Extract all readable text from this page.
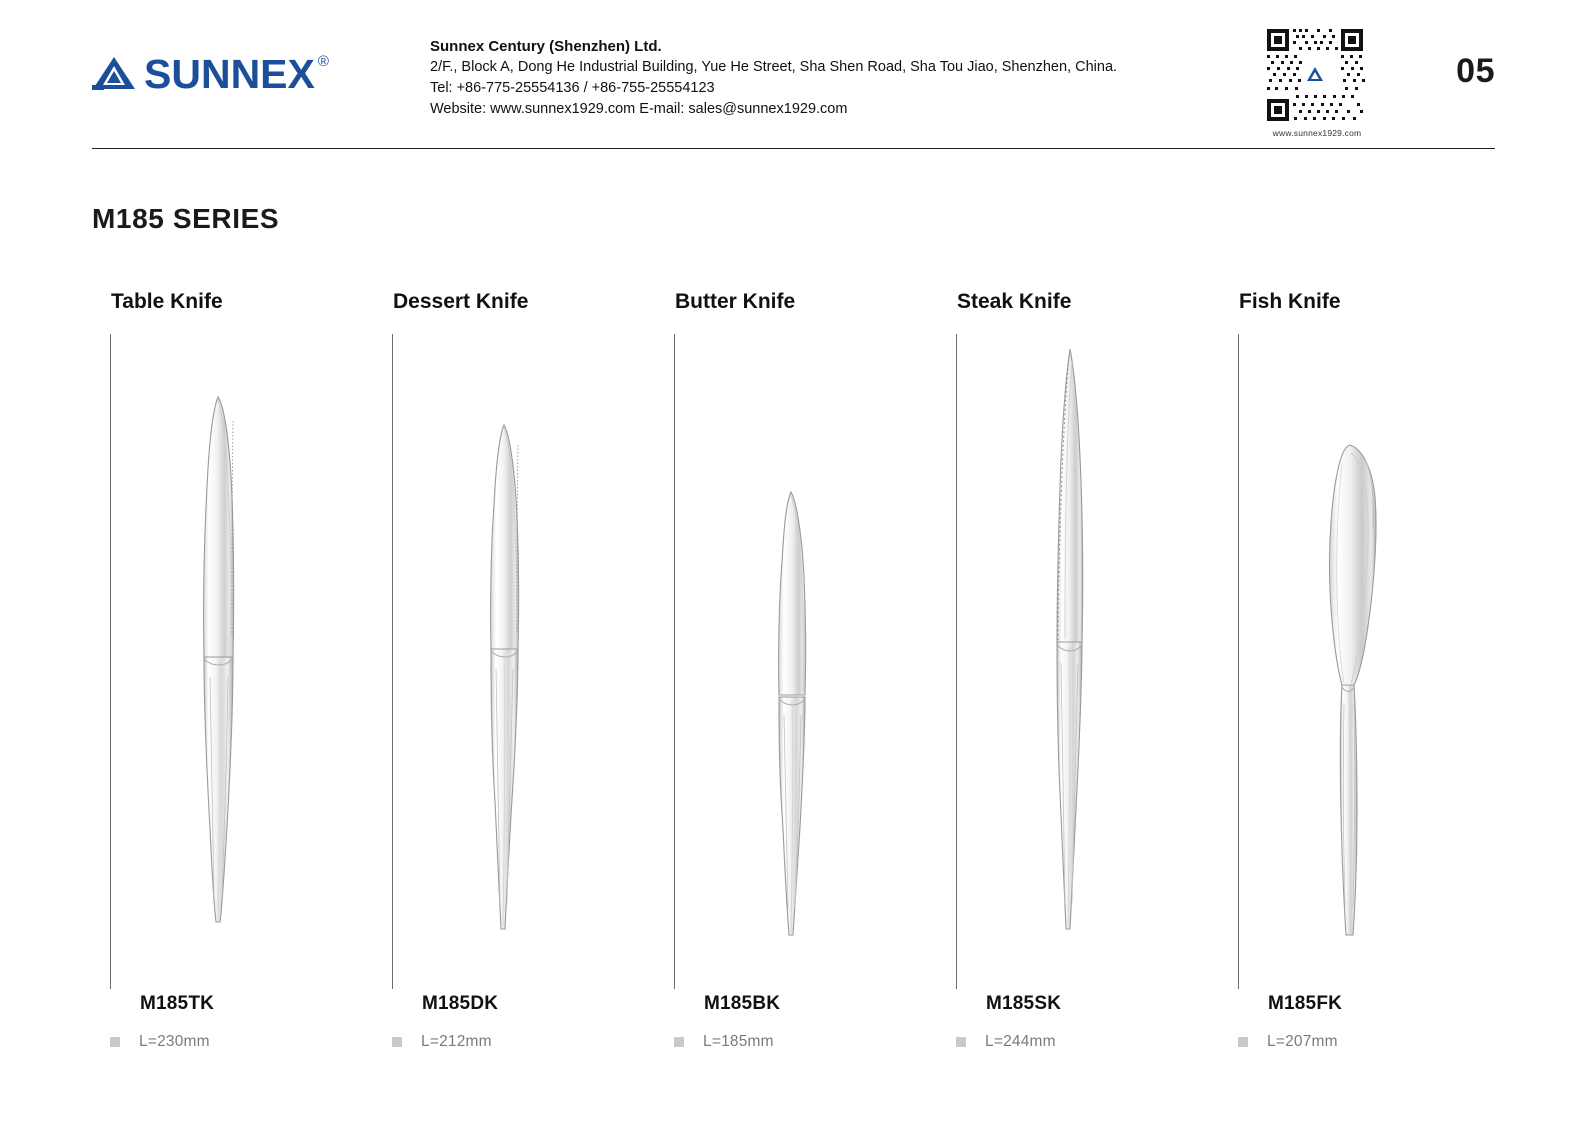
SUNNEX ®
Sunnex Century (Shenzhen) Ltd.
2/F., Block A, Dong He Industrial Building, Yue He Street, Sha Shen Road, Sha Tou Jiao, Shenzhen, China.
Tel: +86-775-25554136 / +86-755-25554123
Website: www.sunnex1929.com E-mail: sales@sunnex1929.com
www.sunnex1929.com
05
M185 SERIES
Table Knife
M185TK
L=230mm
Dessert Knife
M185DK
L=212mm
Butter Knife
M185BK
L=185mm
Steak Knife
M185SK
L=244mm
Fish Knife
M185FK
L=207mm
